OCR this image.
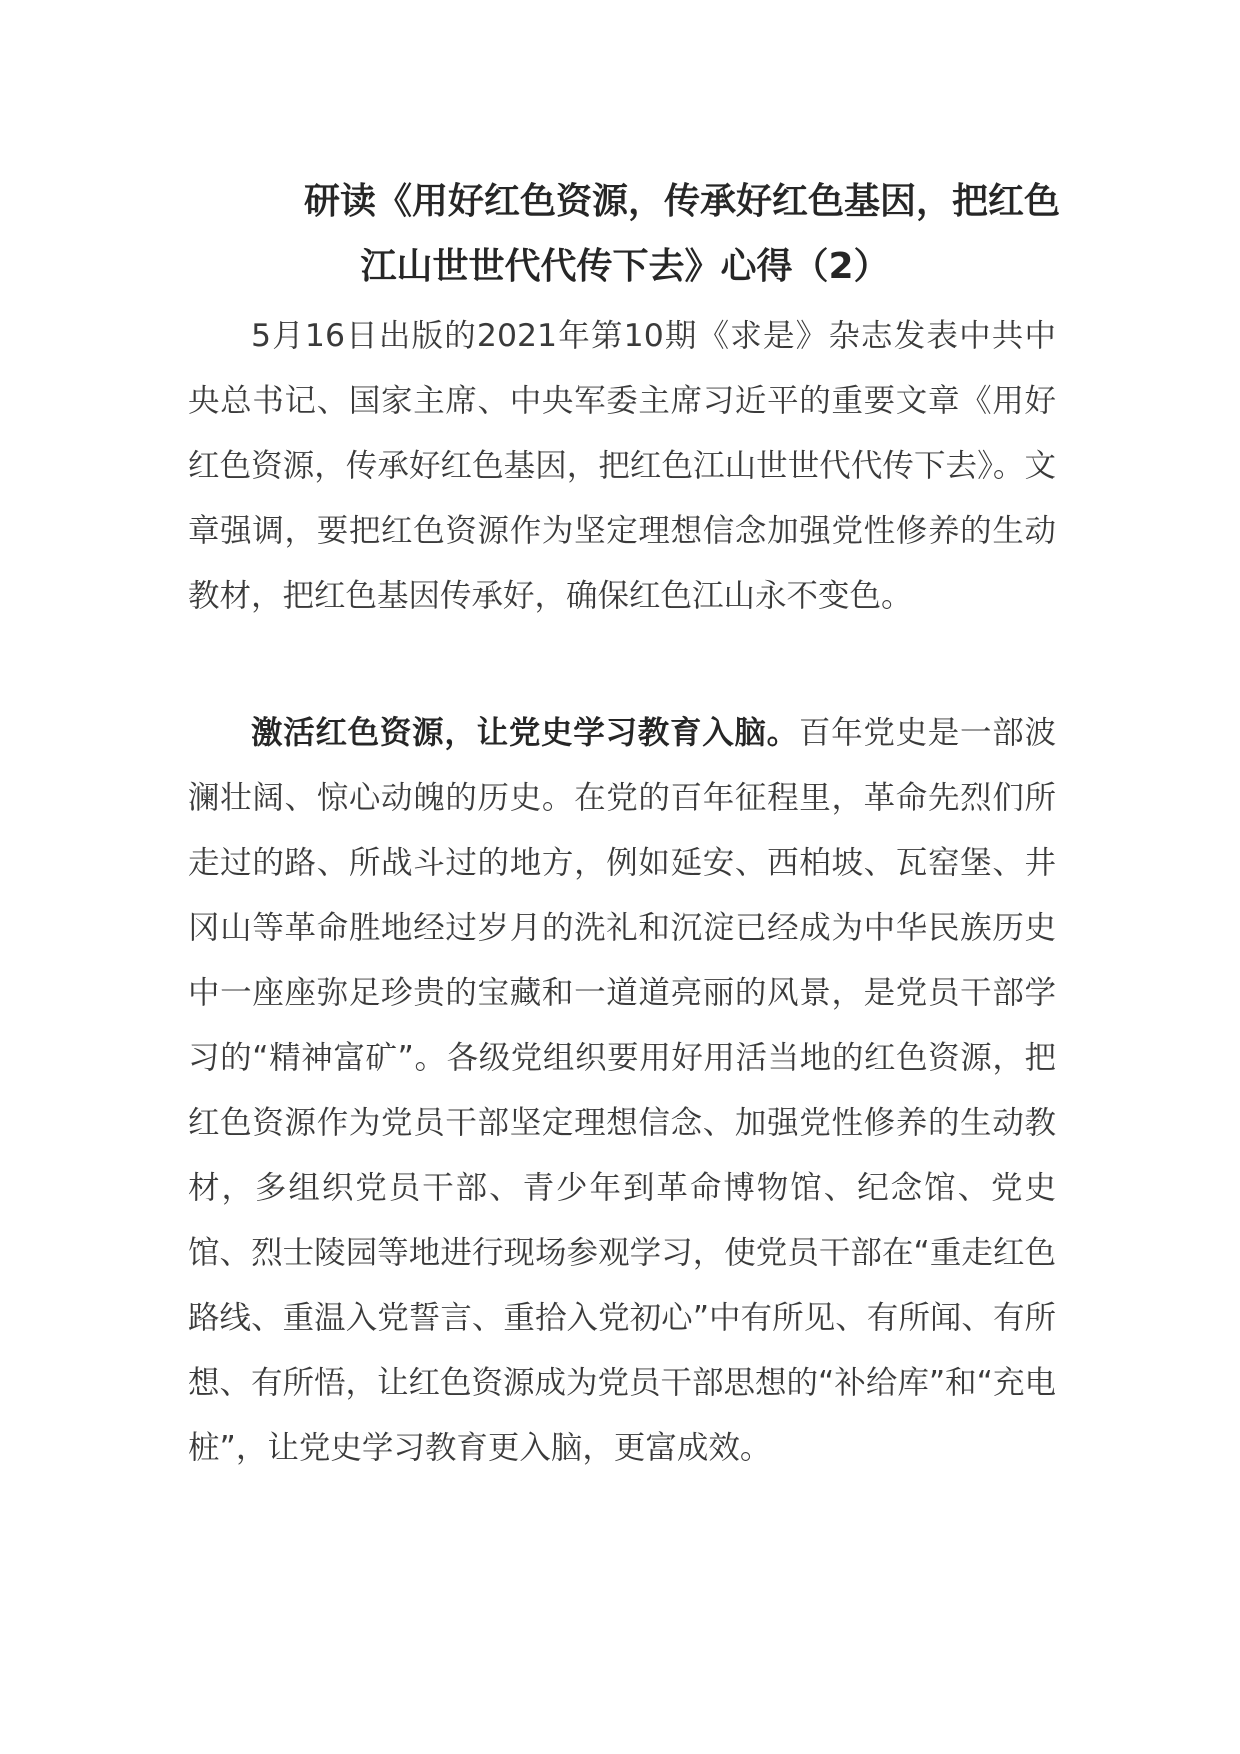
研读《用好红色资源，传承好红色基因，把红色
江山世世代代传下去》心得（2）

5月16日出版的2021年第10期《求是》杂志发表中共中央总书记、国家主席、中央军委主席习近平的重要文章《用好红色资源，传承好红色基因，把红色江山世世代代传下去》。文章强调，要把红色资源作为坚定理想信念加强党性修养的生动教材，把红色基因传承好，确保红色江山永不变色。

激活红色资源，让党史学习教育入脑。百年党史是一部波澜壮阔、惊心动魄的历史。在党的百年征程里，革命先烈们所走过的路、所战斗过的地方，例如延安、西柏坡、瓦窑堡、井冈山等革命胜地经过岁月的洗礼和沉淀已经成为中华民族历史中一座座弥足珍贵的宝藏和一道道亮丽的风景，是党员干部学习的“精神富矿”。各级党组织要用好用活当地的红色资源，把红色资源作为党员干部坚定理想信念、加强党性修养的生动教材，多组织党员干部、青少年到革命博物馆、纪念馆、党史馆、烈士陵园等地进行现场参观学习，使党员干部在“重走红色路线、重温入党誓言、重拾入党初心”中有所见、有所闻、有所想、有所悟，让红色资源成为党员干部思想的“补给库”和“充电桩”，让党史学习教育更入脑，更富成效。
